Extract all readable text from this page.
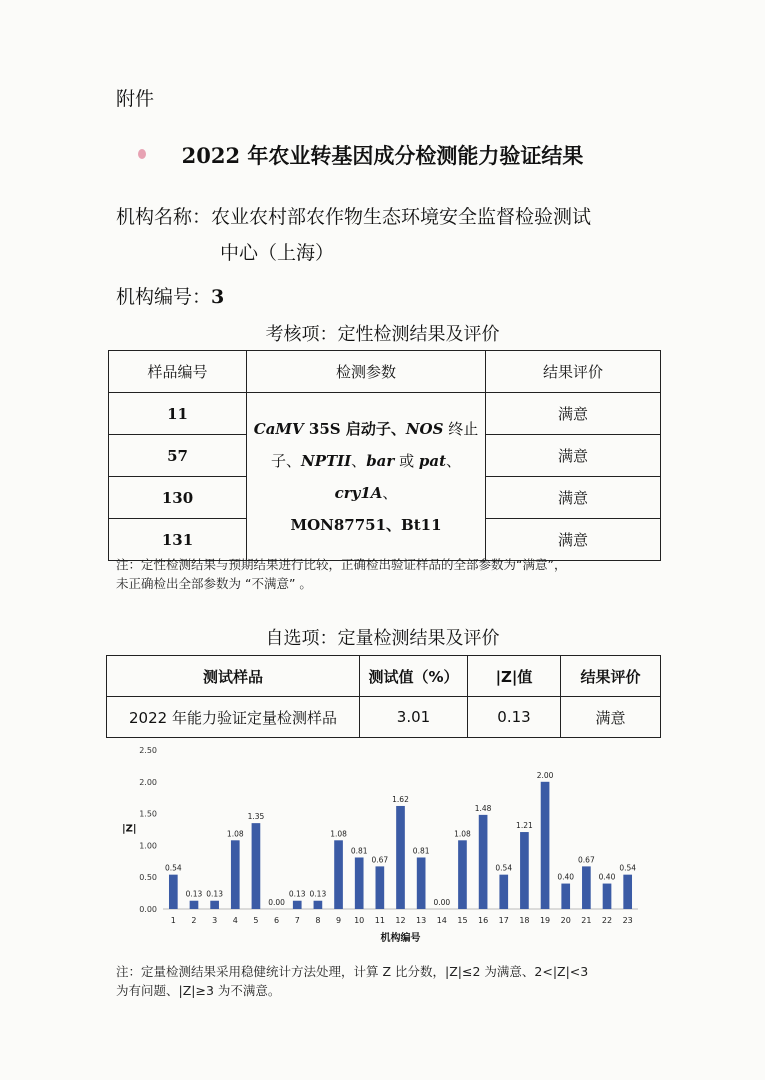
附件
2022 年农业转基因成分检测能力验证结果
机构名称：农业农村部农作物生态环境安全监督检验测试
中心（上海）
机构编号：3
考核项：定性检测结果及评价
样品编号	检测参数	结果评价
11	CaMV 35S 启动子、NOS 终止子、NPTII、bar 或 pat、cry1A、
MON87751、Bt11	满意
57		满意
130		满意
131		满意
注：定性检测结果与预期结果进行比较，正确检出验证样品的全部参数为“满意”，
未正确检出全部参数为 “不满意” 。
自选项：定量检测结果及评价
测试样品	测试值（%）	|Z|值	结果评价
2022 年能力验证定量检测样品	3.01	0.13	满意
0.00
0.50
1.00
1.50
2.00
2.50
|Z|
0.54
1
0.13
2
0.13
3
1.08
4
1.35
5
0.00
6
0.13
7
0.13
8
1.08
9
0.81
10
0.67
11
1.62
12
0.81
13
0.00
14
1.08
15
1.48
16
0.54
17
1.21
18
2.00
19
0.40
20
0.67
21
0.40
22
0.54
23
机构编号
注：定量检测结果采用稳健统计方法处理，计算 Z 比分数，|Z|≤2 为满意、2<|Z|<3
为有问题、|Z|≥3 为不满意。
